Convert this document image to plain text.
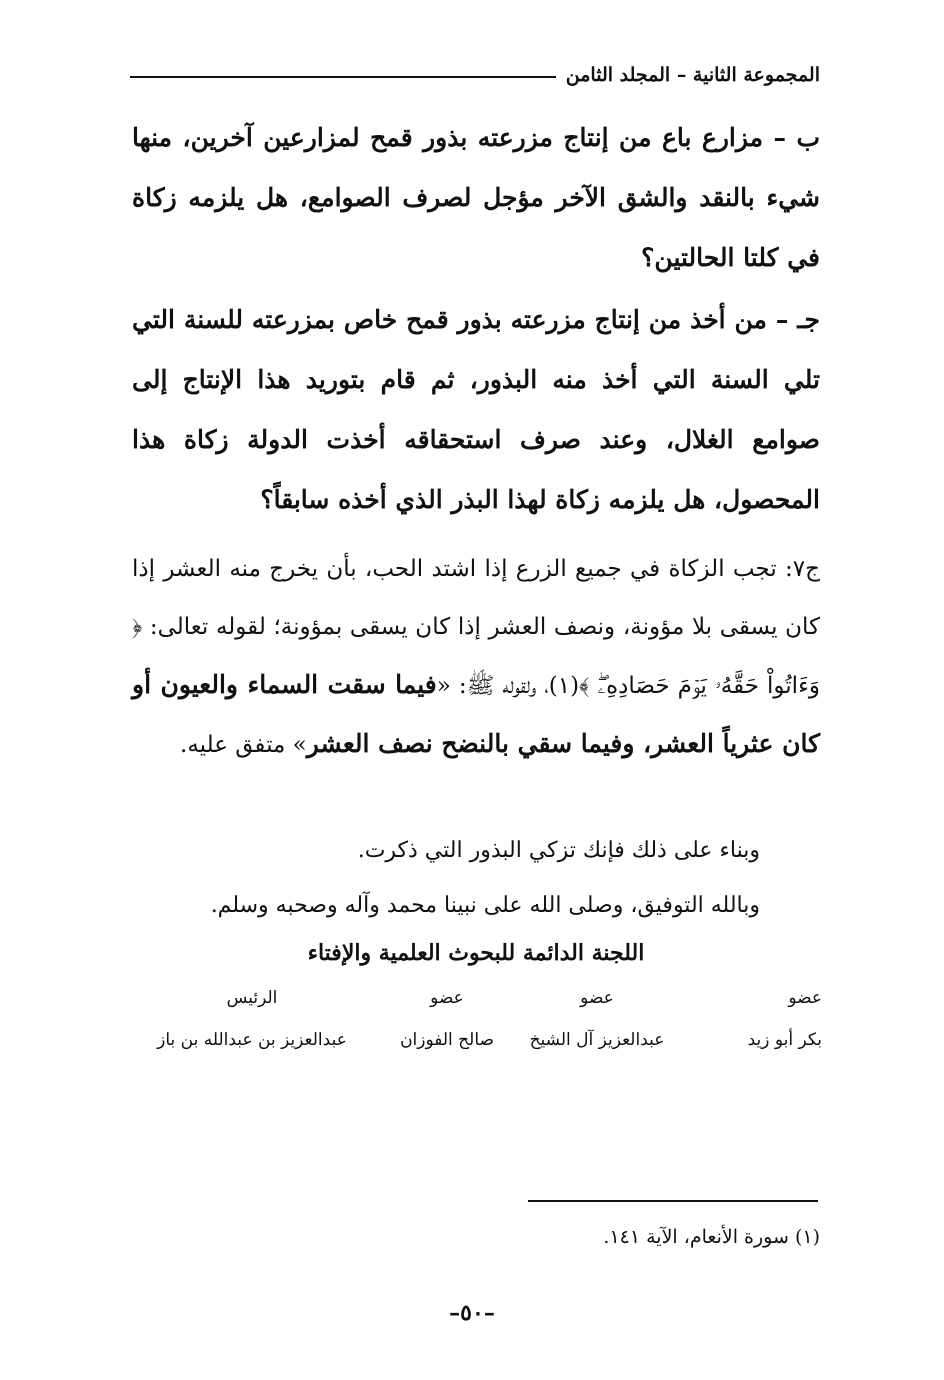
المجموعة الثانية – المجلد الثامن
ب – مزارع باع من إنتاج مزرعته بذور قمح لمزارعين آخرين، منها شيء بالنقد والشق الآخر مؤجل لصرف الصوامع، هل يلزمه زكاة في كلتا الحالتين؟
جـ – من أخذ من إنتاج مزرعته بذور قمح خاص بمزرعته للسنة التي تلي السنة التي أخذ منه البذور، ثم قام بتوريد هذا الإنتاج إلى صوامع الغلال، وعند صرف استحقاقه أخذت الدولة زكاة هذا المحصول، هل يلزمه زكاة لهذا البذر الذي أخذه سابقاً؟
ج٧: تجب الزكاة في جميع الزرع إذا اشتد الحب، بأن يخرج منه العشر إذا كان يسقى بلا مؤونة، ونصف العشر إذا كان يسقى بمؤونة؛ لقوله تعالى: ﴿ وَءَاتُواْ حَقَّهُۥ يَوۡمَ حَصَادِهِۦۖ ﴾(١)، ولقوله ﷺ: «فيما سقت السماء والعيون أو كان عثرياً العشر، وفيما سقي بالنضح نصف العشر» متفق عليه.
وبناء على ذلك فإنك تزكي البذور التي ذكرت.
وبالله التوفيق، وصلى الله على نبينا محمد وآله وصحبه وسلم.
اللجنة الدائمة للبحوث العلمية والإفتاء
عضو
عضو
عضو
الرئيس
بكر أبو زيد
عبدالعزيز آل الشيخ
صالح الفوزان
عبدالعزيز بن عبدالله بن باز
(١) سورة الأنعام، الآية ١٤١.
–٥٠–
